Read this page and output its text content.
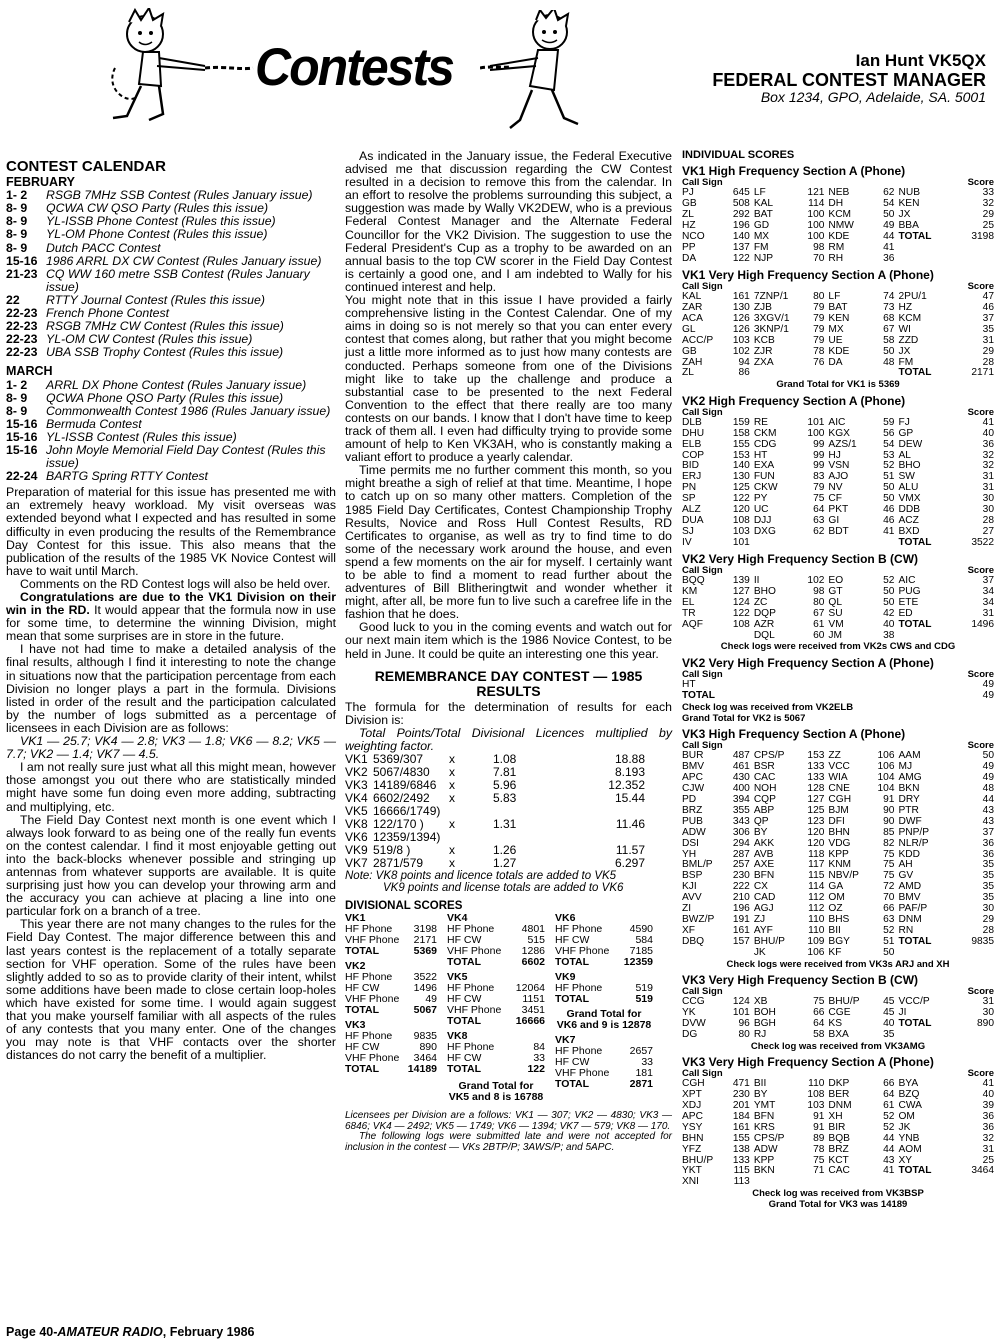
Contests	Ian Hunt VK5QX
FEDERAL CONTEST MANAGER
Box 1234, GPO, Adelaide, SA. 5001
CONTEST CALENDAR
FEBRUARY
1- 2	RSGB 7MHz SSB Contest (Rules January issue)
8- 9	QCWA CW QSO Party (Rules this issue)
8- 9	YL-ISSB Phone Contest (Rules this issue)
8- 9	YL-OM Phone Contest (Rules this issue)
8- 9	Dutch PACC Contest
15-16 1986 ARRL DX CW Contest (Rules January issue)
21-23 CQ WW 160 metre SSB Contest (Rules January issue)
22	RTTY Journal Contest (Rules this issue)
22-23 French Phone Contest
22-23 RSGB 7MHz CW Contest (Rules this issue)
22-23 YL-OM CW Contest (Rules this issue)
22-23 UBA SSB Trophy Contest (Rules this issue)
MARCH
1- 2	ARRL DX Phone Contest (Rules January issue)
8- 9	QCWA Phone QSO Party (Rules this issue)
8- 9	Commonwealth Contest 1986 (Rules January issue)
15-16 Bermuda Contest
15-16 YL-ISSB Contest (Rules this issue)
15-16 John Moyle Memorial Field Day Contest (Rules this issue)
22-24 BARTG Spring RTTY Contest

Preparation of material for this issue has presented me with an extremely heavy workload. My visit overseas was extended beyond what I expected and has resulted in some difficulty in even producing the results of the Remembrance Day Contest for this issue. This also means that the publication of the results of the 1985 VK Novice Contest will have to wait until March.

Comments on the RD Contest logs will also be held over.

Congratulations are due to the VK1 Division on their win in the RD. It would appear that the formula now in use for some time, to determine the winning Division, might mean that some surprises are in store in the future.

I have not had time to make a detailed analysis of the final results, although I find it interesting to note the change in situations now that the participation percentage from each Division no longer plays a part in the formula. Divisions listed in order of the result and the participation calculated by the number of logs submitted as a percentage of licensees in each Division are as follows:

VK1 — 25.7; VK4 — 2.8; VK3 — 1.8; VK6 — 8.2; VK5 — 7.7; VK2 — 1.4; VK7 — 4.5.

I am not really sure just what all this might mean, however those amongst you out there who are statistically minded might have some fun doing even more adding, subtracting and multiplying, etc.

The Field Day Contest next month is one event which I always look forward to as being one of the really fun events on the contest calendar. I find it most enjoyable getting out into the back-blocks whenever possible and stringing up antennas from whatever supports are available. It is quite surprising just how you can develop your throwing arm and the accuracy you can achieve at placing a line into one particular fork on a branch of a tree.

This year there are not many changes to the rules for the Field Day Contest. The major difference between this and last years contest is the replacement of a totally separate section for VHF operation. Some of the rules have been slightly added to so as to provide clarity of their intent, whilst some additions have been made to close certain loop-holes which have existed for some time. I would again suggest that you make yourself familiar with all aspects of the rules of any contests that you many enter. One of the changes you may note is that VHF contacts over the shorter distances do not carry the benefit of a multiplier.

As indicated in the January issue, the Federal Executive advised me that discussion regarding the CW Contest resulted in a decision to remove this from the calendar. In an effort to resolve the problems surrounding this subject, a suggestion was made by Wally VK2DEW, who is a previous Federal Contest Manager and the Alternate Federal Councillor for the VK2 Division. The suggestion to use the Federal President's Cup as a trophy to be awarded on an annual basis to the top CW scorer in the Field Day Contest is certainly a good one, and I am indebted to Wally for his continued interest and help.

You might note that in this issue I have provided a fairly comprehensive listing in the Contest Calendar. One of my aims in doing so is not merely so that you can enter every contest that comes along, but rather that you might become just a little more informed as to just how many contests are conducted. Perhaps someone from one of the Divisions might like to take up the challenge and produce a substantial case to be presented to the next Federal Convention to the effect that there really are too many contests on our bands. I know that I don't have time to keep track of them all. I even had difficulty trying to provide some amount of help to Ken VK3AH, who is constantly making a valiant effort to produce a yearly calendar.

Time permits me no further comment this month, so you might breathe a sigh of relief at that time. Meantime, I hope to catch up on so many other matters. Completion of the 1985 Field Day Certificates, Contest Championship Trophy Results, Novice and Ross Hull Contest Results, RD Certificates to organise, as well as try to find time to do some of the necessary work around the house, and even spend a few moments on the air for myself. I certainly want to be able to find a moment to read further about the adventures of Bill Blitheringtwit and wonder whether it might, after all, be more fun to live such a carefree life in the fashion that he does.

Good luck to you in the coming events and watch out for our next main item which is the 1986 Novice Contest, to be held in June. It could be quite an interesting one this year.

REMEMBRANCE DAY CONTEST — 1985 RESULTS

The formula for the determination of results for each Division is:

Total Points/Total Divisional Licences multiplied by weighting factor.

VK1	5369/307	x	1.08	18.88
VK2	5067/4830	x	7.81	8.193
VK3	14189/6846	x	5.96	12.352
VK4	6602/2492	x	5.83	15.44
VK5	16666/1749)			
VK8	122/170 )	x	1.31	11.46
VK6	12359/1394)			
VK9	519/8 )	x	1.26	11.57
VK7	2871/579	x	1.27	6.297

Note: VK8 points and licence totals are added to VK5

VK9 points and license totals are added to VK6

DIVISIONAL SCORES
VK1
HF Phone	3198
VHF Phone	2171
TOTAL	5369
VK2
HF Phone	3522
HF CW	1496
VHF Phone	49
TOTAL	5067
VK3
HF Phone	9835
HF CW	890
VHF Phone	3464
TOTAL	14189
VK4
HF Phone	4801
HF CW	515
VHF Phone	1286
TOTAL	6602
VK5
HF Phone	12064
HF CW	1151
VHF Phone	3451
TOTAL	16666
VK8
HF Phone	84
HF CW	33
TOTAL	122
Grand Total for VK5 and 8 is 16788
VK6
HF Phone	4590
HF CW	584
VHF Phone	7185
TOTAL	12359
VK9
HF Phone	519
TOTAL	519
Grand Total for VK6 and 9 is 12878
VK7
HF Phone	2657
HF CW	33
VHF Phone	181
TOTAL	2871

Licensees per Division are a follows: VK1 — 307; VK2 — 4830; VK3 — 6846; VK4 — 2492; VK5 — 1749; VK6 — 1394; VK7 — 579; VK8 — 170.

The following logs were submitted late and were not accepted for inclusion in the contest — VKs 2BTP/P; 3AWS/P; and 5APC.

INDIVIDUAL SCORES
VK1 High Frequency Section A (Phone)
Call Sign	Score
PJ	645	LF	121	NEB	62	NUB	33
GB	508	KAL	114	DH	54	KEN	32
ZL	292	BAT	100	KCM	50	JX	29
HZ	196	GD	100	NMW	49	BBA	25
NCO	140	MX	100	KDE	44	TOTAL	3198
PP	137	FM	98	RM	41		
DA	122	NJP	70	RH	36		
VK1 Very High Frequency Section A (Phone)
Call Sign	Score
KAL	161	7ZNP/1	80	LF	74	2PU/1	47
ZAR	130	ZJB	79	BAT	73	HZ	46
ACA	126	3XGV/1	79	KEN	68	KCM	37
GL	126	3KNP/1	79	MX	67	WI	35
ACC/P	103	KCB	79	UE	58	ZZD	31
GB	102	ZJR	78	KDE	50	JX	29
ZAH	94	ZXA	76	DA	48	FM	28
ZL	86					TOTAL	2171
Grand Total for VK1 is 5369
VK2 High Frequency Section A (Phone)
Call Sign	Score
DLB	159	RE	101	AIC	59	FJ	41
DHU	158	CKM	100	KGX	56	GP	40
ELB	155	CDG	99	AZS/1	54	DEW	36
COP	153	HT	99	HJ	53	AL	32
BID	140	EXA	99	VSN	52	BHO	32
ERJ	130	FUN	83	AJO	51	SW	31
PN	125	CKW	79	NV	50	ALU	31
SP	122	PY	75	CF	50	VMX	30
ALZ	120	UC	64	PKT	46	DDB	30
DUA	108	DJJ	63	GI	46	ACZ	28
SJ	103	DXG	62	BDT	41	BXD	27
IV	101					TOTAL	3522
VK2 Very High Frequency Section B (CW)
Call Sign	Score
BQQ	139	II	102	EO	52	AIC	37
KM	127	BHO	98	GT	50	PUG	34
EL	124	ZC	80	QL	50	ETE	34
TR	122	DQP	67	SU	42	ED	31
AQF	108	AZR	61	VM	40	TOTAL	1496
		DQL	60	JM	38		
Check logs were received from VK2s CWS and CDG
VK2 Very High Frequency Section A (Phone)
Call Sign	Score
HT	49
TOTAL	49
Check log was received from VK2ELB
Grand Total for VK2 is 5067
VK3 High Frequency Section A (Phone)
Call Sign	Score
BUR	487	CPS/P	153	ZZ	106	AAM	50
BMV	461	BSR	133	VCC	106	MJ	49
APC	430	CAC	133	WIA	104	AMG	49
CJW	400	NOH	128	CNE	104	BKN	48
PD	394	CQP	127	CGH	91	DRY	44
BRZ	355	ABP	125	BJM	90	PTR	43
PUB	343	QP	123	DFI	90	DWF	43
ADW	306	BY	120	BHN	85	PNP/P	37
DSI	294	AKK	120	VDG	82	NLR/P	36
YH	287	AVB	118	KPP	75	KDD	36
BML/P	257	AXE	117	KNM	75	AH	35
BSP	230	BFN	115	NBV/P	75	GV	35
KJI	222	CX	114	GA	72	AMD	35
AVV	210	CAD	112	OM	70	BMV	35
ZI	196	AGJ	112	OZ	66	PAF/P	30
BWZ/P	191	ZJ	110	BHS	63	DNM	29
XF	161	AYF	110	BII	52	RN	28
DBQ	157	BHU/P	109	BGY	51	TOTAL	9835
		JK	106	KF	50		
Check logs were received from VK3s ARJ and XH
VK3 Very High Frequency Section B (CW)
Call Sign	Score
CCG	124	XB	75	BHU/P	45	VCC/P	31
YK	101	BOH	66	CGE	45	JI	30
DVW	96	BGH	64	KS	40	TOTAL	890
DG	80	RJ	58	BXA	35		
Check log was received from VK3AMG
VK3 Very High Frequency Section A (Phone)
Call Sign	Score
CGH	471	BII	110	DKP	66	BYA	41
XPT	230	BY	108	BER	64	BZQ	40
XDJ	201	YMT	103	DNM	61	CWA	39
APC	184	BFN	91	XH	52	OM	36
YSY	161	KRS	91	BIR	52	JK	36
BHN	155	CPS/P	89	BQB	44	YNB	32
YFZ	138	ADW	78	BRZ	44	AOM	31
BHU/P	133	KPP	75	KCT	43	XY	25
YKT	115	BKN	71	CAC	41	TOTAL	3464
XNI	113						
Check log was received from VK3BSP
Grand Total for VK3 was 14189
Page 40-AMATEUR RADIO, February 1986
